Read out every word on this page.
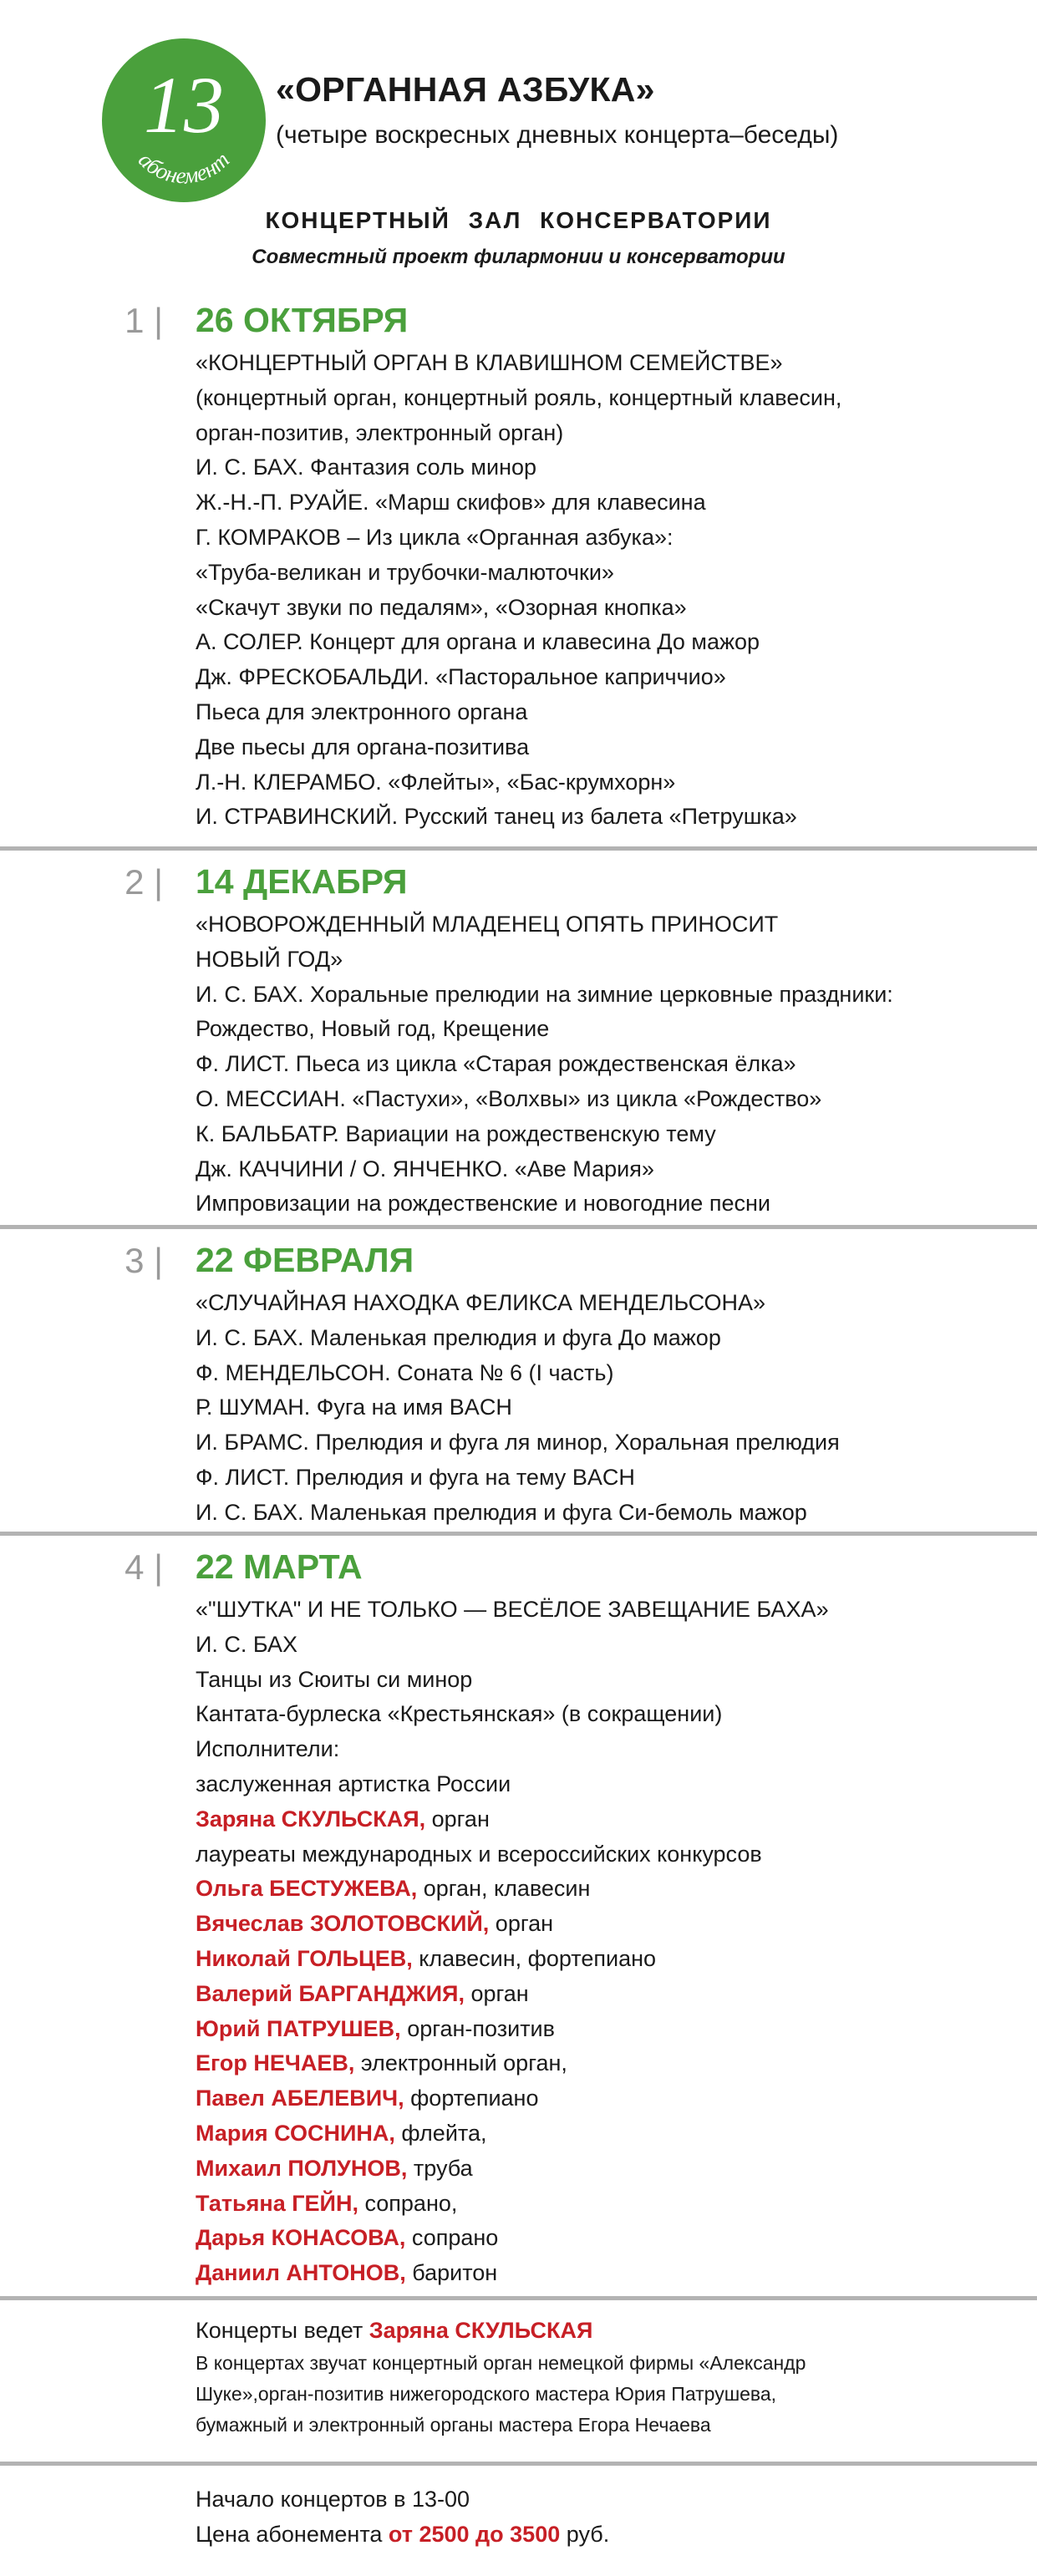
13
абонемент
«ОРГАННАЯ АЗБУКА»
(четыре воскресных дневных концерта–беседы)
КОНЦЕРТНЫЙ ЗАЛ КОНСЕРВАТОРИИ
Совместный проект филармонии и консерватории
1 | 26 ОКТЯБРЯ
«КОНЦЕРТНЫЙ ОРГАН В КЛАВИШНОМ СЕМЕЙСТВЕ»
(концертный орган, концертный рояль, концертный клавесин,
орган-позитив, электронный орган)
И. С. БАХ. Фантазия соль минор
Ж.-Н.-П. РУАЙЕ. «Марш скифов» для клавесина
Г. КОМРАКОВ – Из цикла «Органная азбука»:
«Труба-великан и трубочки-малюточки»
«Скачут звуки по педалям», «Озорная кнопка»
А. СОЛЕР. Концерт для органа и клавесина До мажор
Дж. ФРЕСКОБАЛЬДИ. «Пасторальное каприччио»
Пьеса для электронного органа
Две пьесы для органа-позитива
Л.-Н. КЛЕРАМБО. «Флейты», «Бас-крумхорн»
И. СТРАВИНСКИЙ. Русский танец из балета «Петрушка»
2 | 14 ДЕКАБРЯ
«НОВОРОЖДЕННЫЙ МЛАДЕНЕЦ ОПЯТЬ ПРИНОСИТ
НОВЫЙ ГОД»
И. С. БАХ. Хоральные прелюдии на зимние церковные праздники:
Рождество, Новый год, Крещение
Ф. ЛИСТ. Пьеса из цикла «Старая рождественская ёлка»
О. МЕССИАН. «Пастухи», «Волхвы» из цикла «Рождество»
К. БАЛЬБАТР. Вариации на рождественскую тему
Дж. КАЧЧИНИ / О. ЯНЧЕНКО. «Аве Мария»
Импровизации на рождественские и новогодние песни
3 | 22 ФЕВРАЛЯ
«СЛУЧАЙНАЯ НАХОДКА ФЕЛИКСА МЕНДЕЛЬСОНА»
И. С. БАХ. Маленькая прелюдия и фуга До мажор
Ф. МЕНДЕЛЬСОН. Соната № 6 (I часть)
Р. ШУМАН. Фуга на имя BACH
И. БРАМС. Прелюдия и фуга ля минор, Хоральная прелюдия
Ф. ЛИСТ. Прелюдия и фуга на тему BACH
И. С. БАХ. Маленькая прелюдия и фуга Си-бемоль мажор
4 | 22 МАРТА
«"ШУТКА" И НЕ ТОЛЬКО — ВЕСЁЛОЕ ЗАВЕЩАНИЕ БАХА»
И. С. БАХ
Танцы из Сюиты си минор
Кантата-бурлеска «Крестьянская» (в сокращении)
Исполнители:
заслуженная артистка России
Заряна СКУЛЬСКАЯ, орган
лауреаты международных и всероссийских конкурсов
Ольга БЕСТУЖЕВА, орган, клавесин
Вячеслав ЗОЛОТОВСКИЙ, орган
Николай ГОЛЬЦЕВ, клавесин, фортепиано
Валерий БАРГАНДЖИЯ, орган
Юрий ПАТРУШЕВ, орган-позитив
Егор НЕЧАЕВ, электронный орган,
Павел АБЕЛЕВИЧ, фортепиано
Мария СОСНИНА, флейта,
Михаил ПОЛУНОВ, труба
Татьяна ГЕЙН, сопрано,
Дарья КОНАСОВА, сопрано
Даниил АНТОНОВ, баритон
Концерты ведет Заряна СКУЛЬСКАЯ
В концертах звучат концертный орган немецкой фирмы «Александр
Шуке»,орган-позитив нижегородского мастера Юрия Патрушева,
бумажный и электронный органы мастера Егора Нечаева
Начало концертов в 13-00
Цена абонемента от 2500 до 3500 руб.
